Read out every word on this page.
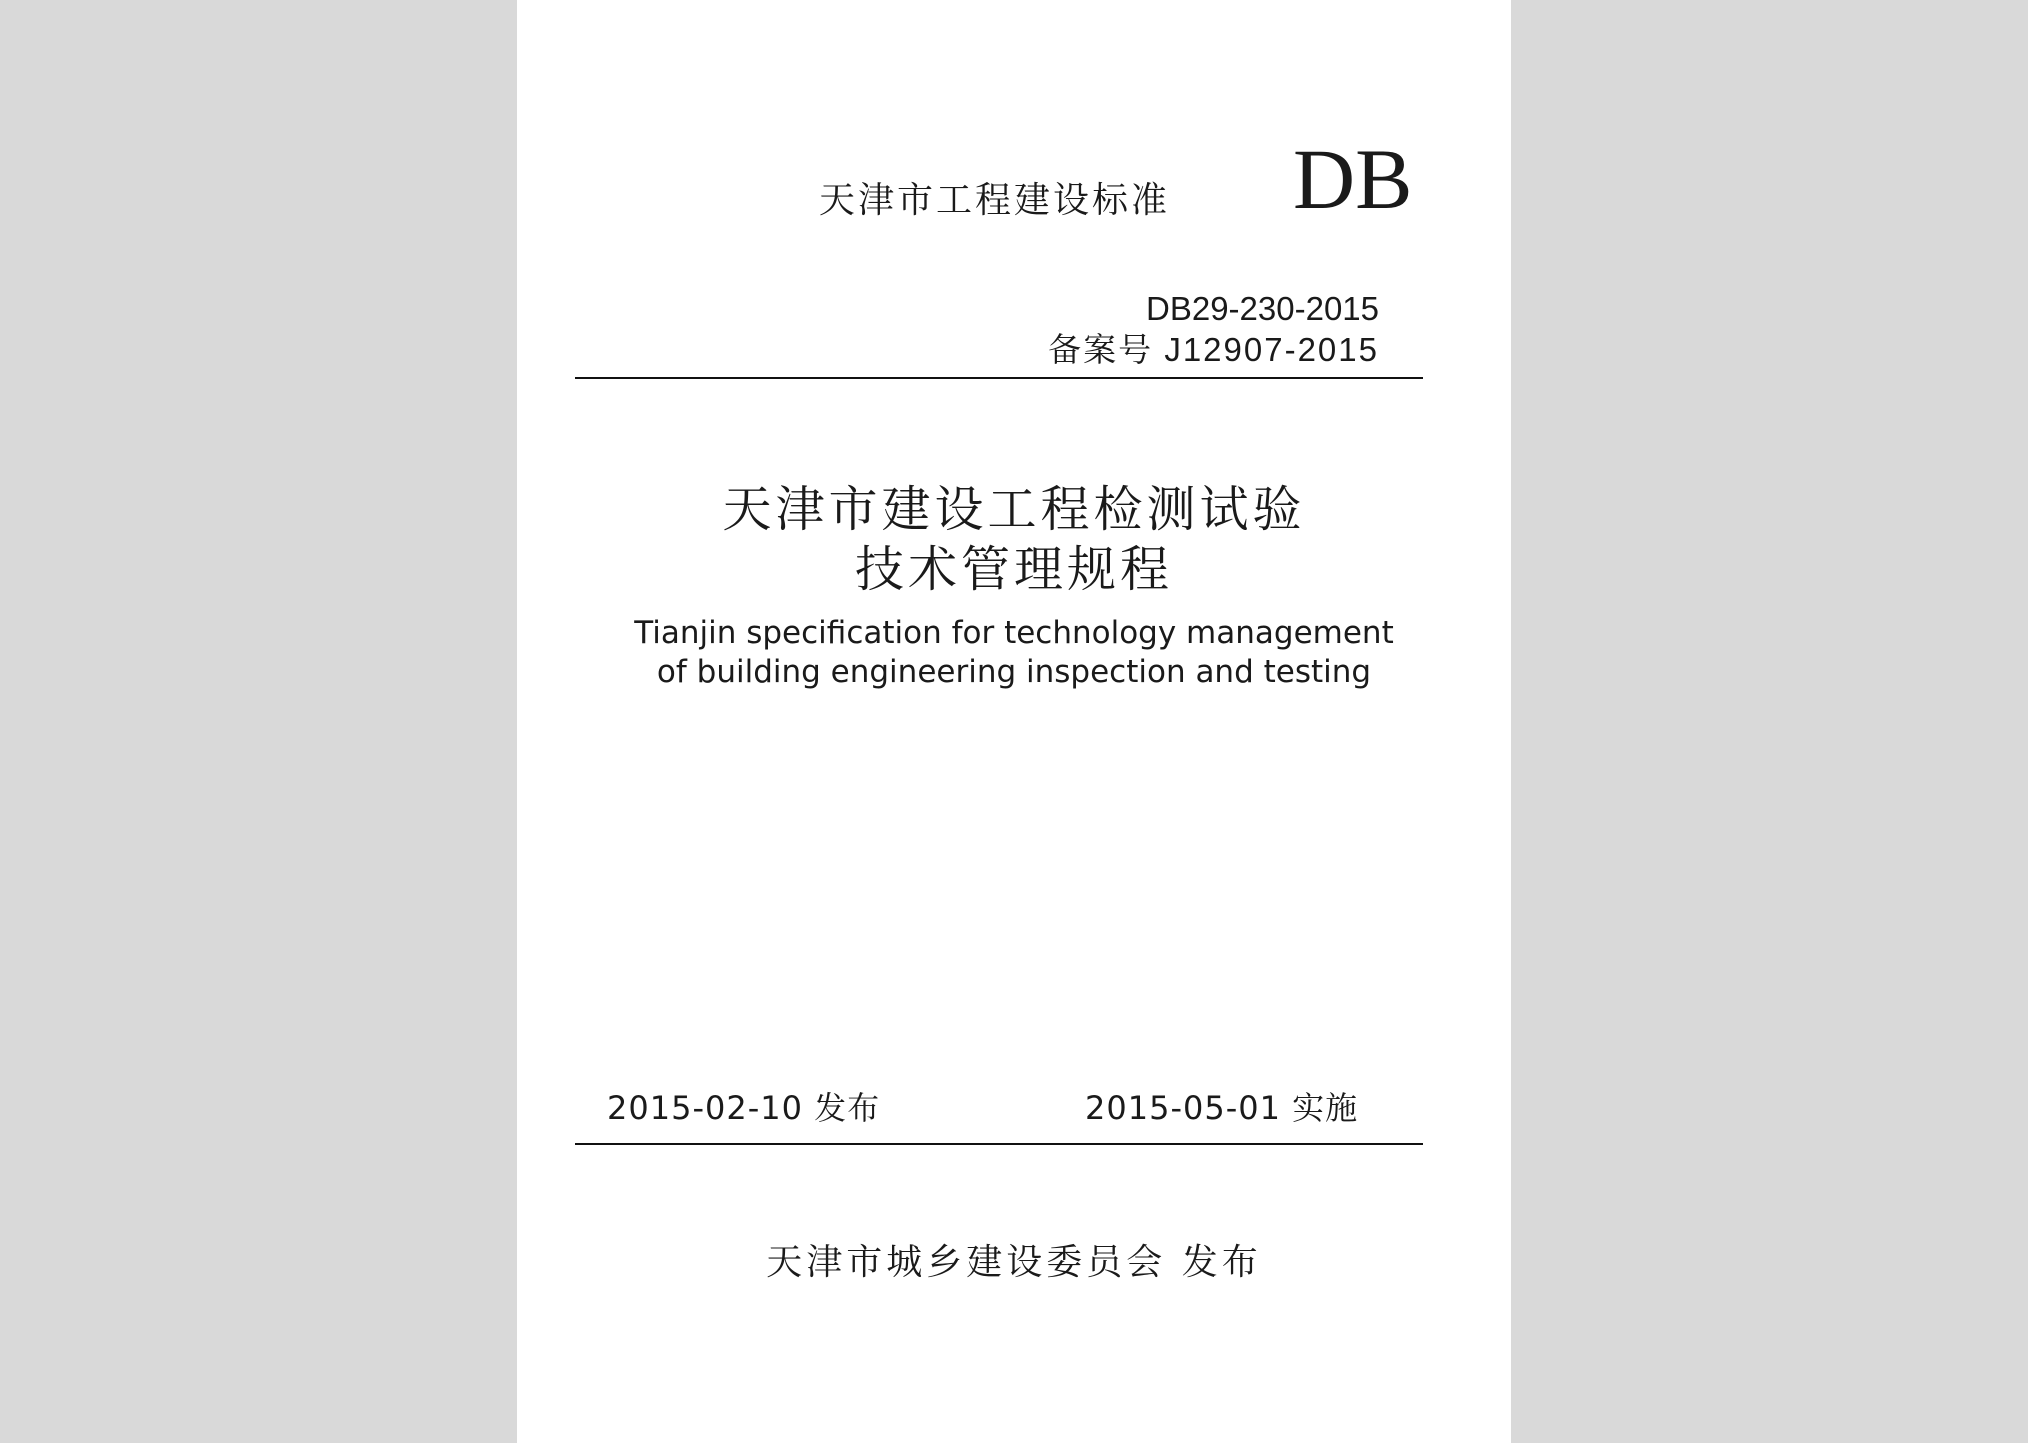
天津市工程建设标准	DB
DB29-230-2015
备案号 J12907-2015
天津市建设工程检测试验
技术管理规程
Tianjin specification for technology management
of building engineering inspection and testing
2015-02-10 发布	2015-05-01 实施
天津市城乡建设委员会 发布
